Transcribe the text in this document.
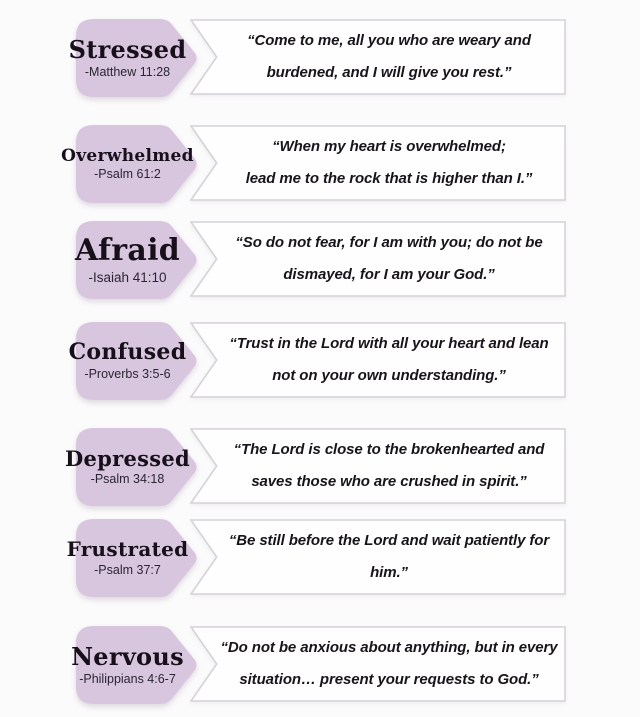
Stressed
-Matthew 11:28
“Come to me, all you who are weary and
burdened, and I will give you rest.”
Overwhelmed
-Psalm 61:2
“When my heart is overwhelmed;
lead me to the rock that is higher than I.”
Afraid
-Isaiah 41:10
“So do not fear, for I am with you; do not be
dismayed, for I am your God.”
Confused
-Proverbs 3:5-6
“Trust in the Lord with all your heart and lean
not on your own understanding.”
Depressed
-Psalm 34:18
“The Lord is close to the brokenhearted and
saves those who are crushed in spirit.”
Frustrated
-Psalm 37:7
“Be still before the Lord and wait patiently for
him.”
Nervous
-Philippians 4:6-7
“Do not be anxious about anything, but in every
situation… present your requests to God.”
